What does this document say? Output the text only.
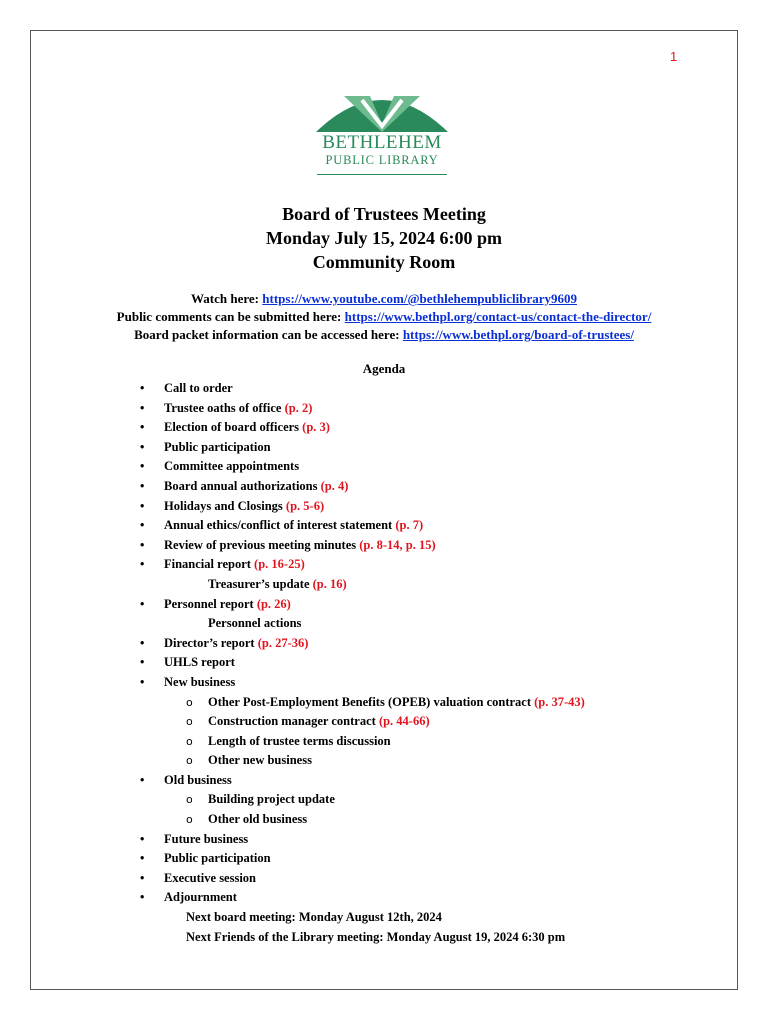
1
BETHLEHEM
PUBLIC LIBRARY
Board of Trustees Meeting
Monday July 15, 2024 6:00 pm
Community Room
Watch here: https://www.youtube.com/@bethlehempubliclibrary9609
Public comments can be submitted here: https://www.bethpl.org/contact-us/contact-the-director/
Board packet information can be accessed here: https://www.bethpl.org/board-of-trustees/
Agenda
• Call to order
• Trustee oaths of office (p. 2)
• Election of board officers (p. 3)
• Public participation
• Committee appointments
• Board annual authorizations (p. 4)
• Holidays and Closings (p. 5-6)
• Annual ethics/conflict of interest statement (p. 7)
• Review of previous meeting minutes (p. 8-14, p. 15)
• Financial report (p. 16-25)
Treasurer’s update (p. 16)
• Personnel report (p. 26)
Personnel actions
• Director’s report (p. 27-36)
• UHLS report
• New business
o Other Post-Employment Benefits (OPEB) valuation contract (p. 37-43)
o Construction manager contract (p. 44-66)
o Length of trustee terms discussion
o Other new business
• Old business
o Building project update
o Other old business
• Future business
• Public participation
• Executive session
• Adjournment
Next board meeting: Monday August 12th, 2024
Next Friends of the Library meeting: Monday August 19, 2024 6:30 pm
